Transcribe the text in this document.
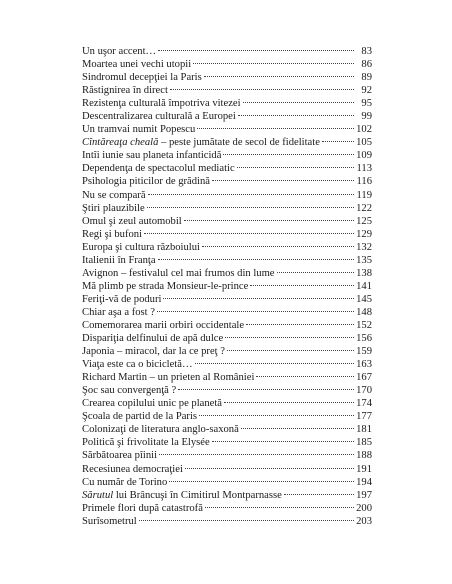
Un uşor accent…	83
Moartea unei vechi utopii	86
Sindromul decepţiei la Paris	89
Răstignirea în direct	92
Rezistenţa culturală împotriva vitezei	95
Descentralizarea culturală a Europei	99
Un tramvai numit Popescu	102
Cîntăreaţa cheală – peste jumătate de secol de fidelitate	105
Intîi iunie sau planeta infanticidă	109
Dependenţa de spectacolul mediatic	113
Psihologia piticilor de grădină	116
Nu se compară	119
Ştiri plauzibile	122
Omul şi zeul automobil	125
Regi şi bufoni	129
Europa şi cultura războiului	132
Italienii în Franţa	135
Avignon – festivalul cel mai frumos din lume	138
Mă plimb pe strada Monsieur-le-prince	141
Feriţi-vă de poduri	145
Chiar aşa a fost ?	148
Comemorarea marii orbiri occidentale	152
Dispariţia delfinului de apă dulce	156
Japonia – miracol, dar la ce preţ ?	159
Viaţa este ca o bicicletă…	163
Richard Martin – un prieten al României	167
Şoc sau convergenţă ?	170
Crearea copilului unic pe planetă	174
Şcoala de partid de la Paris	177
Colonizaţi de literatura anglo-saxonă	181
Politică şi frivolitate la Elysée	185
Sărbătoarea pîinii	188
Recesiunea democraţiei	191
Cu număr de Torino	194
Sărutul lui Brâncuşi în Cimitirul Montparnasse	197
Primele flori după catastrofă	200
Surîsometrul	203
